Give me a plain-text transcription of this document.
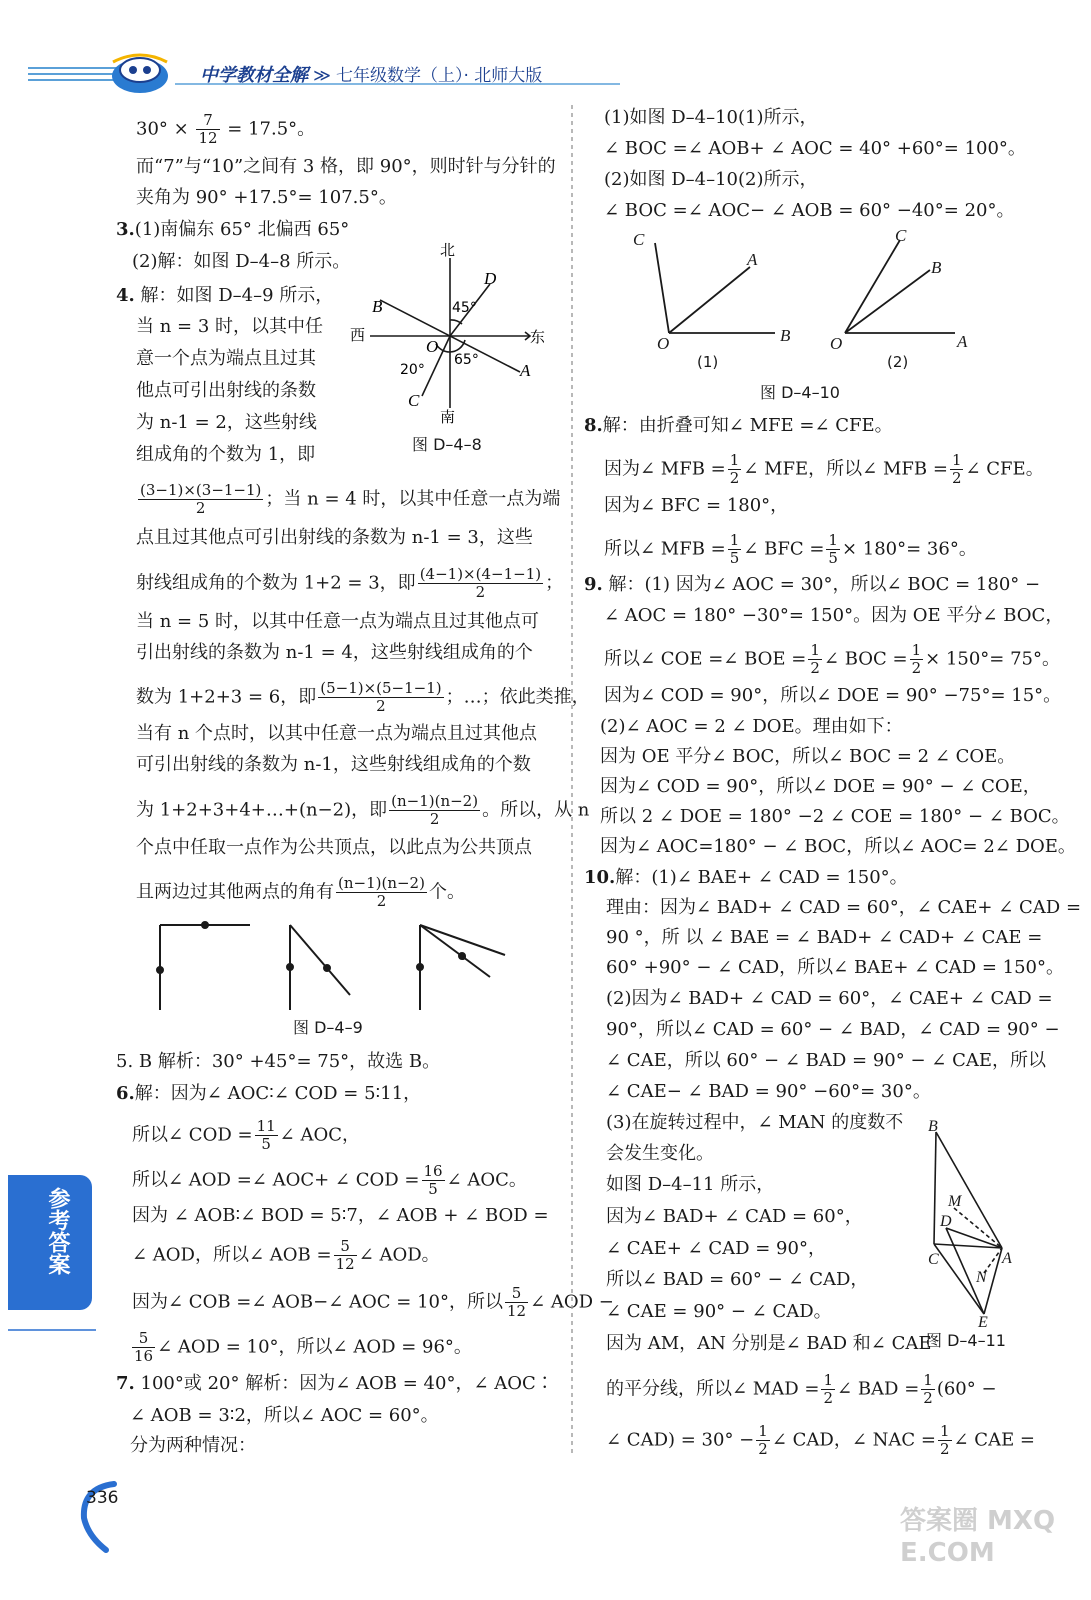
中学教材全解 ≫ 七年级数学（上）· 北师大版
$30^\circ \times \frac{7}{12} = 17.5^\circ$。
而“7”与“10”之间有 3 格，即 90°，则时针与分针的
夹角为 90° +17.5°= 107.5°。
3.(1)南偏东 65° 北偏西 65°
(2)解：如图 D–4–8 所示。
4. 解：如图 D–4–9 所示，
当 n = 3 时，以其中任
意一个点为端点且过其
他点可引出射线的条数
为 n-1 = 2，这些射线
组成角的个数为 1，即
$\frac{(3-1)\times(3-1-1)}{2}$ ；当 n = 4 时，以其中任意一点为端
点且过其他点可引出射线的条数为 n-1 = 3，这些
射线组成角的个数为 1+2 = 3，即 $\frac{(4-1)\times(4-1-1)}{2}$ ；
当 n = 5 时，以其中任意一点为端点且过其他点可
引出射线的条数为 n-1 = 4，这些射线组成角的个
数为 1+2+3 = 6，即 $\frac{(5-1)\times(5-1-1)}{2}$ ；…；依此类推，
当有 n 个点时，以其中任意一点为端点且过其他点
可引出射线的条数为 n-1，这些射线组成角的个数
为 1+2+3+4+…+(n−2)，即 $\frac{(n-1)(n-2)}{2}$ 。所以，从 n
个点中任取一点作为公共顶点，以此点为公共顶点
且两边过其他两点的角有 $\frac{(n-1)(n-2)}{2}$ 个。
图 D–4–9
5. B 解析：30° +45°= 75°，故选 B。
6.解：因为∠ AOC∶∠ COD = 5∶11，
所以∠ COD = $\frac{11}{5}$ ∠ AOC，
所以∠ AOD =∠ AOC+ ∠ COD = $\frac{16}{5}$ ∠ AOC。
因为 ∠ AOB∶∠ BOD = 5∶7，∠ AOB + ∠ BOD =
∠ AOD，所以∠ AOB = $\frac{5}{12}$ ∠ AOD。
因为∠ COB =∠ AOB−∠ AOC = 10°，所以 $\frac{5}{12}$ ∠ AOD −
$\frac{5}{16}$ ∠ AOD = 10°，所以∠ AOD = 96°。
7. 100°或 20° 解析：因为∠ AOB = 40°，∠ AOC∶
∠ AOB = 3∶2，所以∠ AOC = 60°。
分为两种情况：
北
南
东
西
B
D
A
C
O
45°
65°
20°
图 D–4–8
(1)如图 D–4–10(1)所示，
∠ BOC =∠ AOB+ ∠ AOC = 40° +60°= 100°。
(2)如图 D–4–10(2)所示，
∠ BOC =∠ AOC− ∠ AOB = 60° −40°= 20°。
C
A
O	B
C
B
O	A
(1)	(2)
图 D–4–10
8.解：由折叠可知∠ MFE =∠ CFE。
因为∠ MFB = $\frac{1}{2}$ ∠ MFE，所以∠ MFB = $\frac{1}{2}$ ∠ CFE。
因为∠ BFC = 180°，
所以∠ MFB = $\frac{1}{5}$ ∠ BFC = $\frac{1}{5} \times 180^\circ= 36^\circ$。
9. 解：(1) 因为∠ AOC = 30°，所以∠ BOC = 180° −
∠ AOC = 180° −30°= 150°。因为 OE 平分∠ BOC，
所以∠ COE =∠ BOE = $\frac{1}{2}$ ∠ BOC = $\frac{1}{2} \times 150^\circ= 75^\circ$。
因为∠ COD = 90°，所以∠ DOE = 90° −75°= 15°。
(2)∠ AOC = 2 ∠ DOE。理由如下：
因为 OE 平分∠ BOC，所以∠ BOC = 2 ∠ COE。
因为∠ COD = 90°，所以∠ DOE = 90° − ∠ COE，
所以 2 ∠ DOE = 180° −2 ∠ COE = 180° − ∠ BOC。
因为∠ AOC=180° − ∠ BOC，所以∠ AOC= 2∠ DOE。
10.解：(1)∠ BAE+ ∠ CAD = 150°。
理由：因为∠ BAD+ ∠ CAD = 60°，∠ CAE+ ∠ CAD =
90 °，所 以 ∠ BAE = ∠ BAD+ ∠ CAD+ ∠ CAE =
60° +90° − ∠ CAD，所以∠ BAE+ ∠ CAD = 150°。
(2)因为∠ BAD+ ∠ CAD = 60°，∠ CAE+ ∠ CAD =
90°，所以∠ CAD = 60° − ∠ BAD，∠ CAD = 90° −
∠ CAE，所以 60° − ∠ BAD = 90° − ∠ CAE，所以
∠ CAE− ∠ BAD = 90° −60°= 30°。
(3)在旋转过程中，∠ MAN 的度数不
会发生变化。
如图 D–4–11 所示，
因为∠ BAD+ ∠ CAD = 60°，
∠ CAE+ ∠ CAD = 90°，
所以∠ BAD = 60° − ∠ CAD，
∠ CAE = 90° − ∠ CAD。
因为 AM，AN 分别是∠ BAD 和∠ CAE
的平分线，所以∠ MAD = $\frac{1}{2}$ ∠ BAD = $\frac{1}{2} (60^\circ$ −
∠ $CAD) = 30^\circ - \frac{1}{2}$ ∠ CAD，∠ NAC = $\frac{1}{2}$ ∠ CAE =
B
M
D
C	A
N
E
图 D–4–11
参考答案
336
答案圈 MXQE.COM
